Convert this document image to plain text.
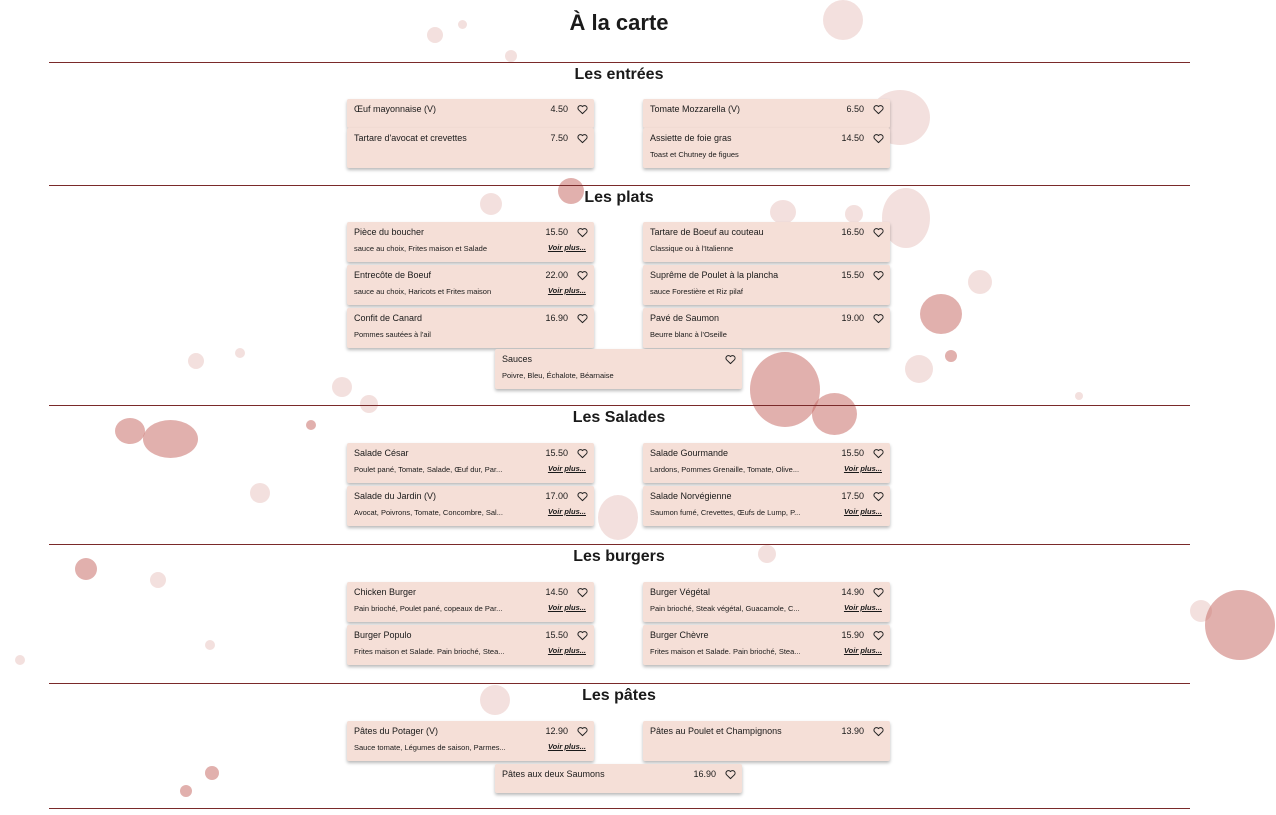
À la carte
Les entrées
Œuf mayonnaise (V)	4.50	Tomate Mozzarella (V)	6.50
Tartare d'avocat et crevettes	7.50	Assiette de foie gras	14.50
Toast et Chutney de figues
Les plats
Pièce du boucher	15.50
sauce au choix, Frites maison et Salade	Voir plus...
Tartare de Boeuf au couteau	16.50
Classique ou à l'Italienne
Entrecôte de Boeuf	22.00
sauce au choix, Haricots et Frites maison	Voir plus...
Suprême de Poulet à la plancha	15.50
sauce Forestière et Riz pilaf
Confit de Canard	16.90
Pommes sautées à l'ail
Pavé de Saumon	19.00
Beurre blanc à l'Oseille
Sauces
Poivre, Bleu, Échalote, Béarnaise
Les Salades
Salade César	15.50
Poulet pané, Tomate, Salade, Œuf dur, Par...	Voir plus...
Salade Gourmande	15.50
Lardons, Pommes Grenaille, Tomate, Olive...	Voir plus...
Salade du Jardin (V)	17.00
Avocat, Poivrons, Tomate, Concombre, Sal...	Voir plus...
Salade Norvégienne	17.50
Saumon fumé, Crevettes, Œufs de Lump, P...	Voir plus...
Les burgers
Chicken Burger	14.50
Pain brioché, Poulet pané, copeaux de Par...	Voir plus...
Burger Végétal	14.90
Pain brioché, Steak végétal, Guacamole, C...	Voir plus...
Burger Populo	15.50
Frites maison et Salade. Pain brioché, Stea...	Voir plus...
Burger Chèvre	15.90
Frites maison et Salade. Pain brioché, Stea...	Voir plus...
Les pâtes
Pâtes du Potager (V)	12.90
Sauce tomate, Légumes de saison, Parmes...	Voir plus...
Pâtes au Poulet et Champignons	13.90
Pâtes aux deux Saumons	16.90
